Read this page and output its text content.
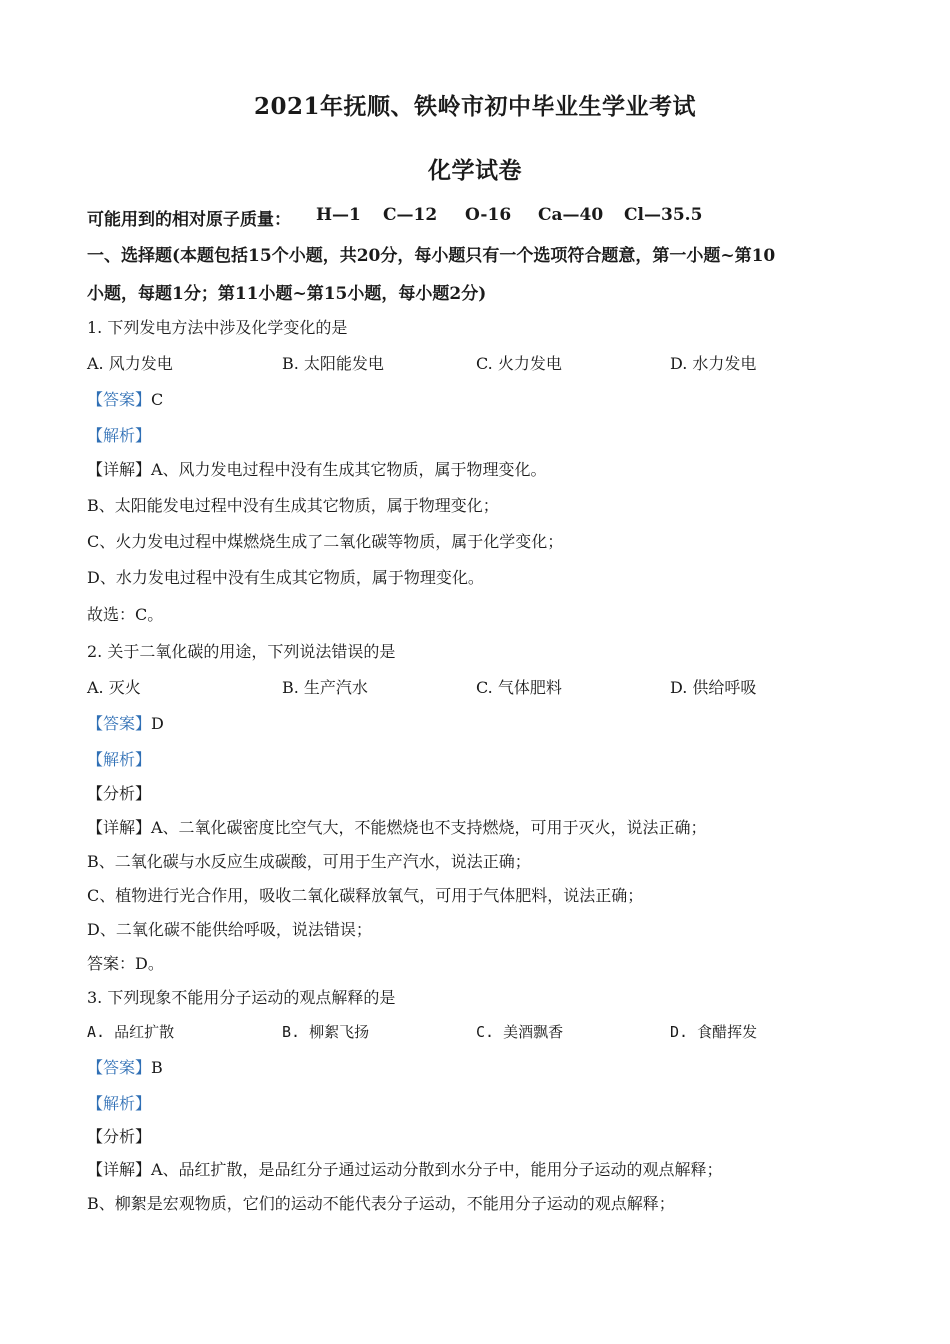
2021年抚顺、铁岭市初中毕业生学业考试
化学试卷
可能用到的相对原子质量： H—1 C—12 O-16 Ca—40 Cl—35.5
一、选择题(本题包括15个小题，共20分，每小题只有一个选项符合题意，第一小题~第10
小题，每题1分；第11小题~第15小题，每小题2分)
1. 下列发电方法中涉及化学变化的是
A. 风力发电	B. 太阳能发电	C. 火力发电	D. 水力发电
【答案】C
【解析】
【详解】A、风力发电过程中没有生成其它物质，属于物理变化。
B、太阳能发电过程中没有生成其它物质，属于物理变化；
C、火力发电过程中煤燃烧生成了二氧化碳等物质，属于化学变化；
D、水力发电过程中没有生成其它物质，属于物理变化。
故选：C。
2. 关于二氧化碳的用途，下列说法错误的是
A. 灭火	B. 生产汽水	C. 气体肥料	D. 供给呼吸
【答案】D
【解析】
【分析】
【详解】A、二氧化碳密度比空气大，不能燃烧也不支持燃烧，可用于灭火，说法正确；
B、二氧化碳与水反应生成碳酸，可用于生产汽水，说法正确；
C、植物进行光合作用，吸收二氧化碳释放氧气，可用于气体肥料，说法正确；
D、二氧化碳不能供给呼吸，说法错误；
答案：D。
3. 下列现象不能用分子运动的观点解释的是
A. 品红扩散	B. 柳絮飞扬	C. 美酒飘香	D. 食醋挥发
【答案】B
【解析】
【分析】
【详解】A、品红扩散，是品红分子通过运动分散到水分子中，能用分子运动的观点解释；
B、柳絮是宏观物质，它们的运动不能代表分子运动，不能用分子运动的观点解释；
